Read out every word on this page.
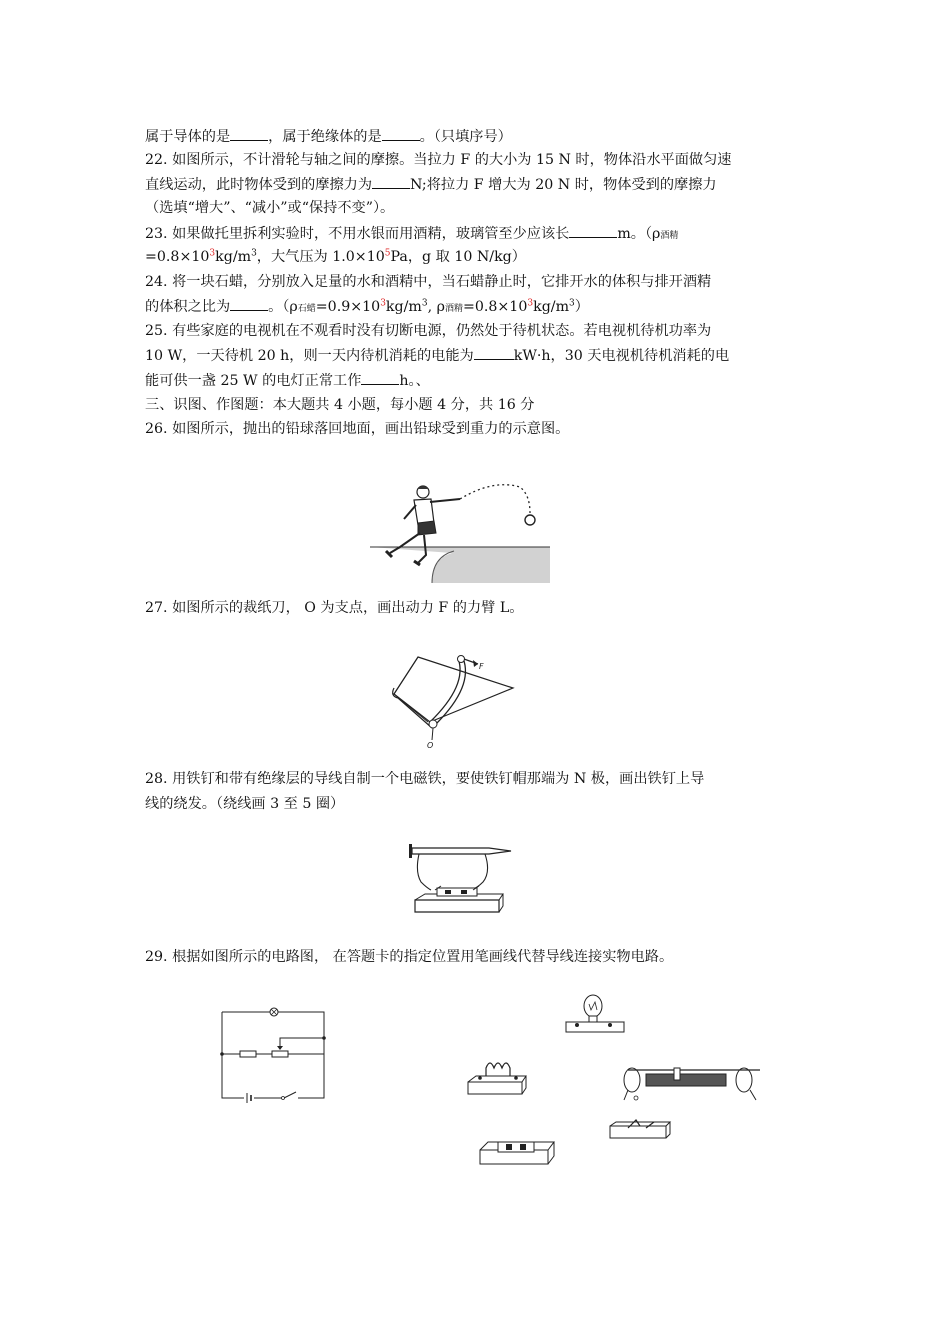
属于导体的是	，属于绝缘体的是	。（只填序号）
22. 如图所示，不计滑轮与轴之间的摩擦。当拉力 F 的大小为 15 N 时，物体沿水平面做匀速
直线运动，此时物体受到的摩擦力为	N;将拉力 F 增大为 20 N 时，物体受到的摩擦力
（选填“增大”、“减小”或“保持不变”）。
23. 如果做托里拆利实验时，不用水银而用酒精，玻璃管至少应该长	m。（ρ酒精
$=0.8\times 10^3kg/m^3$，大气压为 $1.0\times 10^5Pa$，g 取 10 N/kg）
24. 将一块石蜡，分别放入足量的水和酒精中，当石蜡静止时，它排开水的体积与排开酒精
的体积之比为	。（ρ石蜡$=0.9\times 10^3kg/m^3$, ρ酒精$=0.8\times 10^3kg/m^3$）
25. 有些家庭的电视机在不观看时没有切断电源，仍然处于待机状态。若电视机待机功率为
10 W，一天待机 20 h，则一天内待机消耗的电能为	kW·h，30 天电视机待机消耗的电
能可供一盏 25 W 的电灯正常工作	h。、
三、识图、作图题：本大题共 4 小题，每小题 4 分，共 16 分
26. 如图所示，抛出的铅球落回地面，画出铅球受到重力的示意图。
27. 如图所示的裁纸刀， O 为支点，画出动力 F 的力臂 L。
28. 用铁钉和带有绝缘层的导线自制一个电磁铁，要使铁钉帽那端为 N 极，画出铁钉上导
线的绕发。（绕线画 3 至 5 圈）
29. 根据如图所示的电路图， 在答题卡的指定位置用笔画线代替导线连接实物电路。
F
O
